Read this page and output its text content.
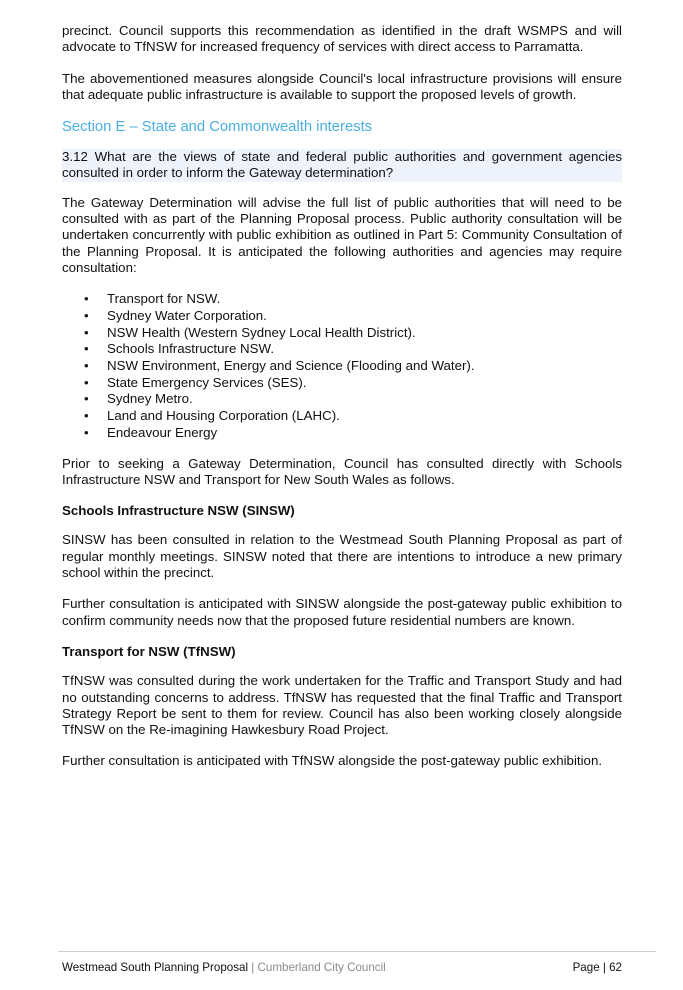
precinct. Council supports this recommendation as identified in the draft WSMPS and will advocate to TfNSW for increased frequency of services with direct access to Parramatta.

The abovementioned measures alongside Council's local infrastructure provisions will ensure that adequate public infrastructure is available to support the proposed levels of growth.

Section E – State and Commonwealth interests

3.12 What are the views of state and federal public authorities and government agencies consulted in order to inform the Gateway determination?

The Gateway Determination will advise the full list of public authorities that will need to be consulted with as part of the Planning Proposal process. Public authority consultation will be undertaken concurrently with public exhibition as outlined in Part 5: Community Consultation of the Planning Proposal. It is anticipated the following authorities and agencies may require consultation:

• Transport for NSW.
• Sydney Water Corporation.
• NSW Health (Western Sydney Local Health District).
• Schools Infrastructure NSW.
• NSW Environment, Energy and Science (Flooding and Water).
• State Emergency Services (SES).
• Sydney Metro.
• Land and Housing Corporation (LAHC).
• Endeavour Energy

Prior to seeking a Gateway Determination, Council has consulted directly with Schools Infrastructure NSW and Transport for New South Wales as follows.

Schools Infrastructure NSW (SINSW)

SINSW has been consulted in relation to the Westmead South Planning Proposal as part of regular monthly meetings. SINSW noted that there are intentions to introduce a new primary school within the precinct.

Further consultation is anticipated with SINSW alongside the post-gateway public exhibition to confirm community needs now that the proposed future residential numbers are known.

Transport for NSW (TfNSW)

TfNSW was consulted during the work undertaken for the Traffic and Transport Study and had no outstanding concerns to address. TfNSW has requested that the final Traffic and Transport Strategy Report be sent to them for review. Council has also been working closely alongside TfNSW on the Re-imagining Hawkesbury Road Project.

Further consultation is anticipated with TfNSW alongside the post-gateway public exhibition.

Westmead South Planning Proposal | Cumberland City Council	Page | 62
